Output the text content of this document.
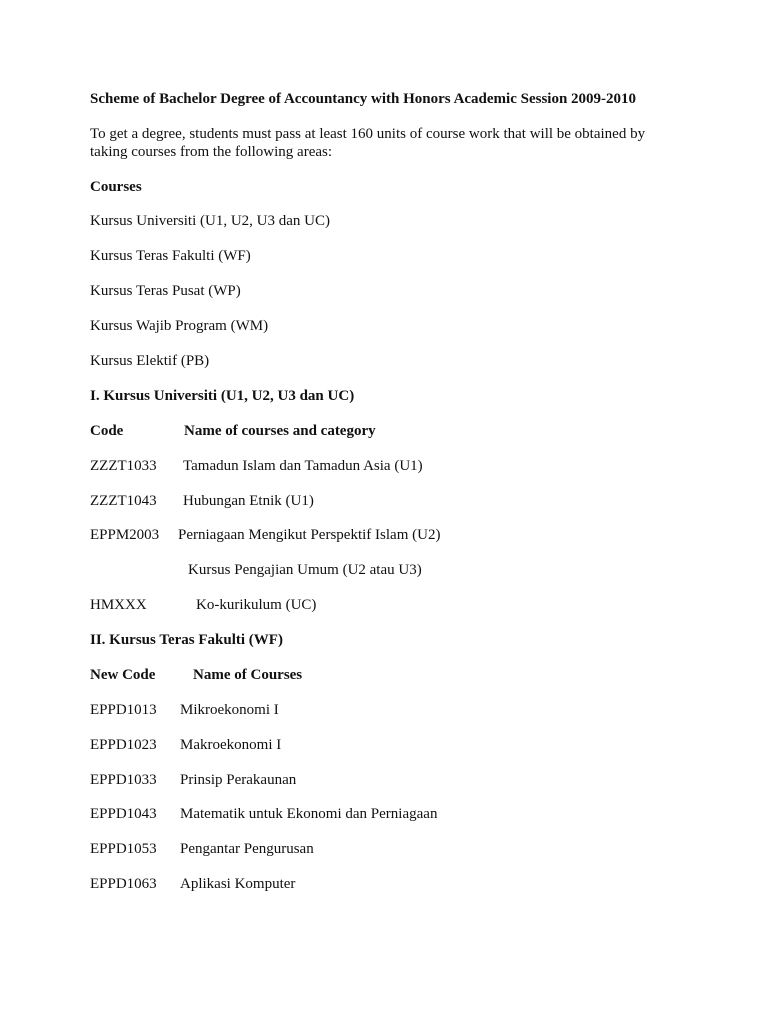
Scheme of Bachelor Degree of Accountancy with Honors Academic Session 2009-2010
To get a degree, students must pass at least 160 units of course work that will be obtained by
taking courses from the following areas:
Courses
Kursus Universiti (U1, U2, U3 dan UC)
Kursus Teras Fakulti (WF)
Kursus Teras Pusat (WP)
Kursus Wajib Program (WM)
Kursus Elektif (PB)
I. Kursus Universiti (U1, U2, U3 dan UC)
Code	Name of courses and category
ZZZT1033 Tamadun Islam dan Tamadun Asia (U1)
ZZZT1043 Hubungan Etnik (U1)
EPPM2003 Perniagaan Mengikut Perspektif Islam (U2)
Kursus Pengajian Umum (U2 atau U3)
HMXXX	Ko-kurikulum (UC)
II. Kursus Teras Fakulti (WF)
New Code	Name of Courses
EPPD1013 Mikroekonomi I
EPPD1023 Makroekonomi I
EPPD1033 Prinsip Perakaunan
EPPD1043 Matematik untuk Ekonomi dan Perniagaan
EPPD1053 Pengantar Pengurusan
EPPD1063 Aplikasi Komputer
